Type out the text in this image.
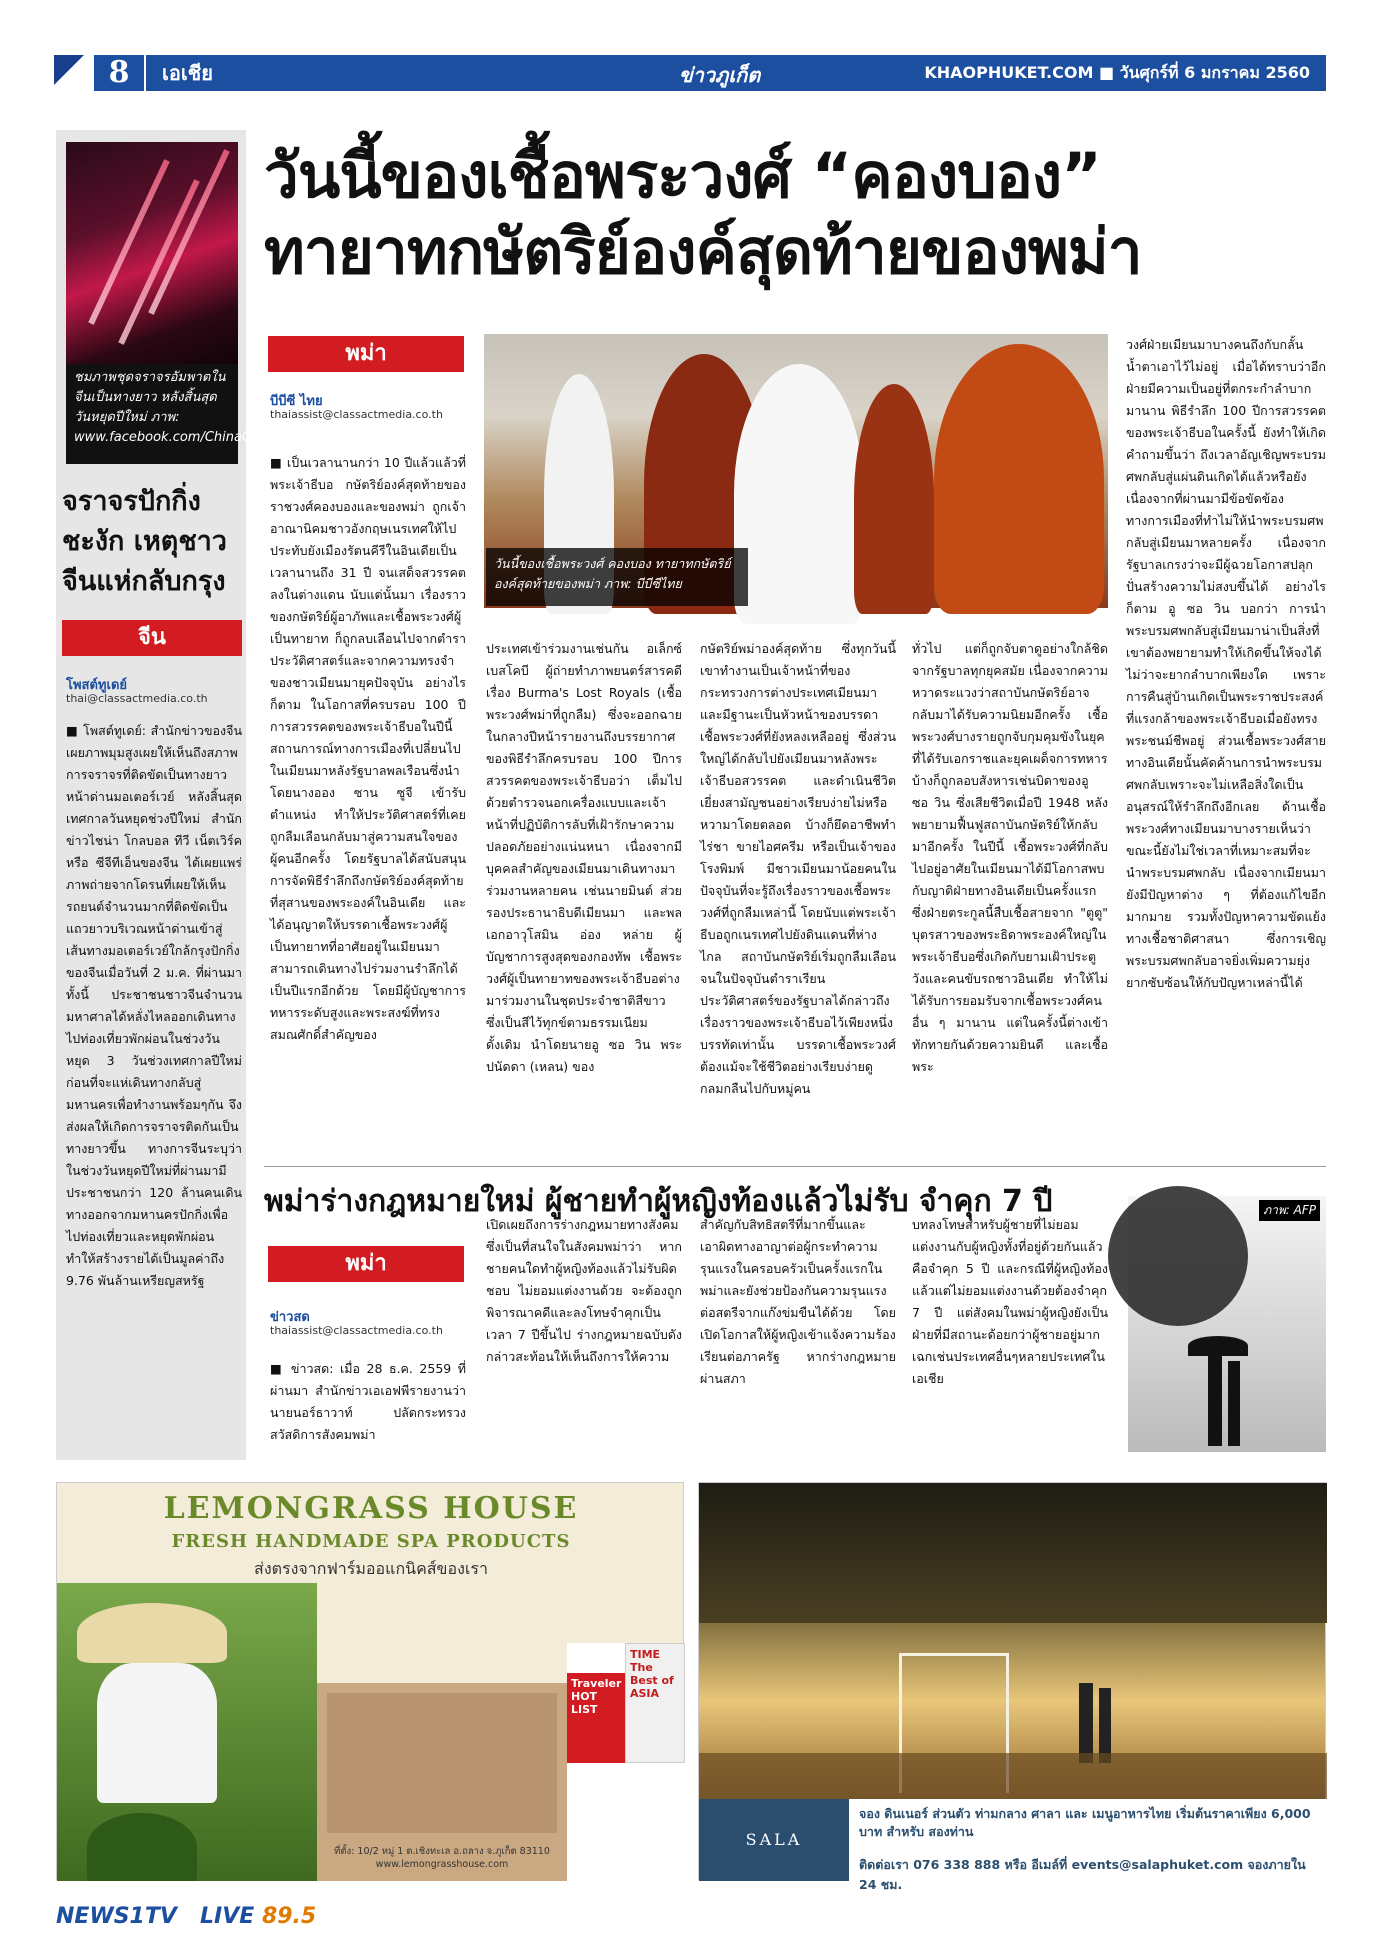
8	เอเชีย	ข่าวภูเก็ต	KHAOPHUKET.COM ■ วันศุกร์ที่ 6 มกราคม 2560
ชมภาพชุดจราจรอัมพาตในจีนเป็นทางยาว หลังสิ้นสุดวันหยุดปีใหม่ ภาพ: www.facebook.com/ChinaGlobalTVNetwork
จราจรปักกิ่งชะงัก เหตุชาวจีนแห่กลับกรุง
จีน
โพสต์ทูเดย์
thai@classactmedia.co.th
■ โพสต์ทูเดย์: สำนักข่าวของจีนเผยภาพมุมสูงเผยให้เห็นถึงสภาพการจราจรที่ติดขัดเป็นทางยาวหน้าด่านมอเตอร์เวย์ หลังสิ้นสุดเทศกาลวันหยุดช่วงปีใหม่ สำนักข่าวไชน่า โกลบอล ทีวี เน็ตเวิร์ค หรือ ซีจีทีเอ็นของจีน ได้เผยแพร่ภาพถ่ายจากโดรนที่เผยให้เห็นรถยนต์จำนวนมากที่ติดขัดเป็นแถวยาวบริเวณหน้าด่านเข้าสู่เส้นทางมอเตอร์เวย์ใกล้กรุงปักกิ่งของจีนเมื่อวันที่ 2 ม.ค. ที่ผ่านมา ทั้งนี้ ประชาชนชาวจีนจำนวนมหาศาลได้หลั่งไหลออกเดินทางไปท่องเที่ยวพักผ่อนในช่วงวันหยุด 3 วันช่วงเทศกาลปีใหม่ ก่อนที่จะแห่เดินทางกลับสู่มหานครเพื่อทำงานพร้อมๆกัน จึงส่งผลให้เกิดการจราจรติดกันเป็นทางยาวขึ้น ทางการจีนระบุว่า ในช่วงวันหยุดปีใหม่ที่ผ่านมามีประชาชนกว่า 120 ล้านคนเดินทางออกจากมหานครปักกิ่งเพื่อไปท่องเที่ยวและหยุดพักผ่อน ทำให้สร้างรายได้เป็นมูลค่าถึง 9.76 พันล้านเหรียญสหรัฐ
วันนี้ของเชื้อพระวงศ์ “คองบอง”
ทายาทกษัตริย์องค์สุดท้ายของพม่า
พม่า
บีบีซี ไทย
thaiassist@classactmedia.co.th
วันนี้ของเชื้อพระวงศ์ คองบอง ทายาทกษัตริย์องค์สุดท้ายของพม่า ภาพ: บีบีซีไทย
■ เป็นเวลานานกว่า 10 ปีแล้วแล้วที่พระเจ้าธีบอ กษัตริย์องค์สุดท้ายของราชวงศ์คองบองและของพม่า ถูกเจ้าอาณานิคมชาวอังกฤษเนรเทศให้ไปประทับยังเมืองรัตนคีรีในอินเดียเป็นเวลานานถึง 31 ปี จนเสด็จสวรรคตลงในต่างแดน นับแต่นั้นมา เรื่องราวของกษัตริย์ผู้อาภัพและเชื้อพระวงศ์ผู้เป็นทายาท ก็ถูกลบเลือนไปจากตำราประวัติศาสตร์และจากความทรงจำของชาวเมียนมายุคปัจจุบัน อย่างไรก็ตาม ในโอกาสที่ครบรอบ 100 ปี การสวรรคตของพระเจ้าธีบอในปีนี้ สถานการณ์ทางการเมืองที่เปลี่ยนไปในเมียนมาหลังรัฐบาลพลเรือนซึ่งนำโดยนางออง ซาน ซูจี เข้ารับตำแหน่ง ทำให้ประวัติศาสตร์ที่เคยถูกลืมเลือนกลับมาสู่ความสนใจของผู้คนอีกครั้ง โดยรัฐบาลได้สนับสนุนการจัดพิธีรำลึกถึงกษัตริย์องค์สุดท้ายที่สุสานของพระองค์ในอินเดีย และได้อนุญาตให้บรรดาเชื้อพระวงศ์ผู้เป็นทายาทที่อาศัยอยู่ในเมียนมาสามารถเดินทางไปร่วมงานรำลึกได้เป็นปีแรกอีกด้วย โดยมีผู้บัญชาการทหารระดับสูงและพระสงฆ์ที่ทรงสมณศักดิ์สำคัญของ
ประเทศเข้าร่วมงานเช่นกัน อเล็กซ์ เบสโคบี ผู้ถ่ายทำภาพยนตร์สารคดีเรื่อง Burma's Lost Royals (เชื้อพระวงศ์พม่าที่ถูกลืม) ซึ่งจะออกฉายในกลางปีหน้ารายงานถึงบรรยากาศของพิธีรำลึกครบรอบ 100 ปีการสวรรคตของพระเจ้าธีบอว่า เต็มไปด้วยตำรวจนอกเครื่องแบบและเจ้าหน้าที่ปฏิบัติการลับที่เฝ้ารักษาความปลอดภัยอย่างแน่นหนา เนื่องจากมีบุคคลสำคัญของเมียนมาเดินทางมาร่วมงานหลายคน เช่นนายมินต์ ส่วย รองประธานาธิบดีเมียนมา และพลเอกอาวุโสมิน อ่อง หล่าย ผู้บัญชาการสูงสุดของกองทัพ เชื้อพระวงศ์ผู้เป็นทายาทของพระเจ้าธีบอต่างมาร่วมงานในชุดประจำชาติสีขาว ซึ่งเป็นสีไว้ทุกข์ตามธรรมเนียมดั้งเดิม นำโดยนายอู ซอ วิน พระปนัดดา (เหลน) ของ
กษัตริย์พม่าองค์สุดท้าย ซึ่งทุกวันนี้เขาทำงานเป็นเจ้าหน้าที่ของกระทรวงการต่างประเทศเมียนมา และมีฐานะเป็นหัวหน้าของบรรดาเชื้อพระวงศ์ที่ยังหลงเหลืออยู่ ซึ่งส่วนใหญ่ได้กลับไปยังเมียนมาหลังพระเจ้าธีบอสวรรคต และดำเนินชีวิตเยี่ยงสามัญชนอย่างเรียบง่ายไม่หรือหวามาโดยตลอด บ้างก็ยึดอาชีพทำไร่ชา ขายไอศครีม หรือเป็นเจ้าของโรงพิมพ์ มีชาวเมียนมาน้อยคนในปัจจุบันที่จะรู้ถึงเรื่องราวของเชื้อพระวงศ์ที่ถูกลืมเหล่านี้ โดยนับแต่พระเจ้าธีบอถูกเนรเทศไปยังดินแดนที่ห่างไกล สถาบันกษัตริย์เริ่มถูกลืมเลือน จนในปัจจุบันตำราเรียนประวัติศาสตร์ของรัฐบาลได้กล่าวถึงเรื่องราวของพระเจ้าธีบอไว้เพียงหนึ่งบรรทัดเท่านั้น บรรดาเชื้อพระวงศ์ต้องแม้จะใช้ชีวิตอย่างเรียบง่ายดูกลมกลืนไปกับหมู่คน
ทั่วไป แต่ก็ถูกจับตาดูอย่างใกล้ชิดจากรัฐบาลทุกยุคสมัย เนื่องจากความหวาดระแวงว่าสถาบันกษัตริย์อาจกลับมาได้รับความนิยมอีกครั้ง เชื้อพระวงศ์บางรายถูกจับกุมคุมขังในยุคที่ได้รับเอกราชและยุคเผด็จการทหาร บ้างก็ถูกลอบสังหารเช่นบิดาของอู ซอ วิน ซึ่งเสียชีวิตเมื่อปี 1948 หลังพยายามฟื้นฟูสถาบันกษัตริย์ให้กลับมาอีกครั้ง ในปีนี้ เชื้อพระวงศ์ที่กลับไปอยู่อาศัยในเมียนมาได้มีโอกาสพบกับญาติฝ่ายทางอินเดียเป็นครั้งแรก ซึ่งฝ่ายตระกูลนี้สืบเชื้อสายจาก "ตูตู" บุตรสาวของพระธิดาพระองค์ใหญ่ในพระเจ้าธีบอซึ่งเกิดกับยามเฝ้าประตูวังและคนขับรถชาวอินเดีย ทำให้ไม่ได้รับการยอมรับจากเชื้อพระวงศ์คนอื่น ๆ มานาน แต่ในครั้งนี้ต่างเข้าทักทายกันด้วยความยินดี และเชื้อพระ
วงศ์ฝ่ายเมียนมาบางคนถึงกับกลั้นน้ำตาเอาไว้ไม่อยู่ เมื่อได้ทราบว่าอีกฝ่ายมีความเป็นอยู่ที่ตกระกำลำบากมานาน พิธีรำลึก 100 ปีการสวรรคตของพระเจ้าธีบอในครั้งนี้ ยังทำให้เกิดคำถามขึ้นว่า ถึงเวลาอัญเชิญพระบรมศพกลับสู่แผ่นดินเกิดได้แล้วหรือยัง เนื่องจากที่ผ่านมามีข้อขัดข้องทางการเมืองที่ทำไม่ให้นำพระบรมศพกลับสู่เมียนมาหลายครั้ง เนื่องจากรัฐบาลเกรงว่าจะมีผู้ฉวยโอกาสปลุกปั่นสร้างความไม่สงบขึ้นได้ อย่างไรก็ตาม อู ซอ วิน บอกว่า การนำพระบรมศพกลับสู่เมียนมาน่าเป็นสิ่งที่เขาต้องพยายามทำให้เกิดขึ้นให้จงได้ ไม่ว่าจะยากลำบากเพียงใด เพราะการคืนสู่บ้านเกิดเป็นพระราชประสงค์ที่แรงกล้าของพระเจ้าธีบอเมื่อยังทรงพระชนม์ชีพอยู่ ส่วนเชื้อพระวงศ์สายทางอินเดียนั้นคัดค้านการนำพระบรมศพกลับเพราะจะไม่เหลือสิ่งใดเป็นอนุสรณ์ให้รำลึกถึงอีกเลย ด้านเชื้อพระวงศ์ทางเมียนมาบางรายเห็นว่า ขณะนี้ยังไม่ใช่เวลาที่เหมาะสมที่จะนำพระบรมศพกลับ เนื่องจากเมียนมายังมีปัญหาต่าง ๆ ที่ต้องแก้ไขอีกมากมาย รวมทั้งปัญหาความขัดแย้งทางเชื้อชาติศาสนา ซึ่งการเชิญพระบรมศพกลับอาจยิ่งเพิ่มความยุ่งยากซับซ้อนให้กับปัญหาเหล่านี้ได้
พม่าร่างกฎหมายใหม่ ผู้ชายทำผู้หญิงท้องแล้วไม่รับ จำคุก 7 ปี
พม่า
ข่าวสด
thaiassist@classactmedia.co.th
■ ข่าวสด: เมื่อ 28 ธ.ค. 2559 ที่ผ่านมา สำนักข่าวเอเอฟพีรายงานว่า นายนอร์ธาวาท์ ปลัดกระทรวงสวัสดิการสังคมพม่า
เปิดเผยถึงการร่างกฎหมายทางสังคมซึ่งเป็นที่สนใจในสังคมพม่าว่า หากชายคนใดทำผู้หญิงท้องแล้วไม่รับผิดชอบ ไม่ยอมแต่งงานด้วย จะต้องถูกพิจารณาคดีและลงโทษจำคุกเป็นเวลา 7 ปีขึ้นไป ร่างกฎหมายฉบับดังกล่าวสะท้อนให้เห็นถึงการให้ความ
สำคัญกับสิทธิสตรีที่มากขึ้นและเอาผิดทางอาญาต่อผู้กระทำความรุนแรงในครอบครัวเป็นครั้งแรกในพม่าและยังช่วยป้องกันความรุนแรงต่อสตรีจากแก๊งข่มขืนได้ด้วย โดยเปิดโอกาสให้ผู้หญิงเข้าแจ้งความร้องเรียนต่อภาครัฐ หากร่างกฎหมายผ่านสภา
บทลงโทษสำหรับผู้ชายที่ไม่ยอมแต่งงานกับผู้หญิงทั้งที่อยู่ด้วยกันแล้วคือจำคุก 5 ปี และกรณีที่ผู้หญิงท้องแล้วแต่ไม่ยอมแต่งงานด้วยต้องจำคุก 7 ปี แต่สังคมในพม่าผู้หญิงยังเป็นฝ่ายที่มีสถานะด้อยกว่าผู้ชายอยู่มากเฉกเช่นประเทศอื่นๆหลายประเทศในเอเชีย
ภาพ: AFP
LEMONGRASS HOUSE
FRESH HANDMADE SPA PRODUCTS
ส่งตรงจากฟาร์มออแกนิคส์ของเรา
Traveler HOT LIST
TIME The Best of ASIA
ที่ตั้ง: 10/2 หมู่ 1 ต.เชิงทะเล อ.ถลาง จ.ภูเก็ต 83110 www.lemongrasshouse.com
SALA
จอง ดินเนอร์ ส่วนตัว ท่ามกลาง ศาลา และ เมนูอาหารไทย เริ่มต้นราคาเพียง 6,000 บาท สำหรับ สองท่าน
ติดต่อเรา 076 338 888 หรือ อีเมล์ที่ events@salaphuket.com จองภายใน 24 ชม.
NEWS1TV LIVE 89.5
